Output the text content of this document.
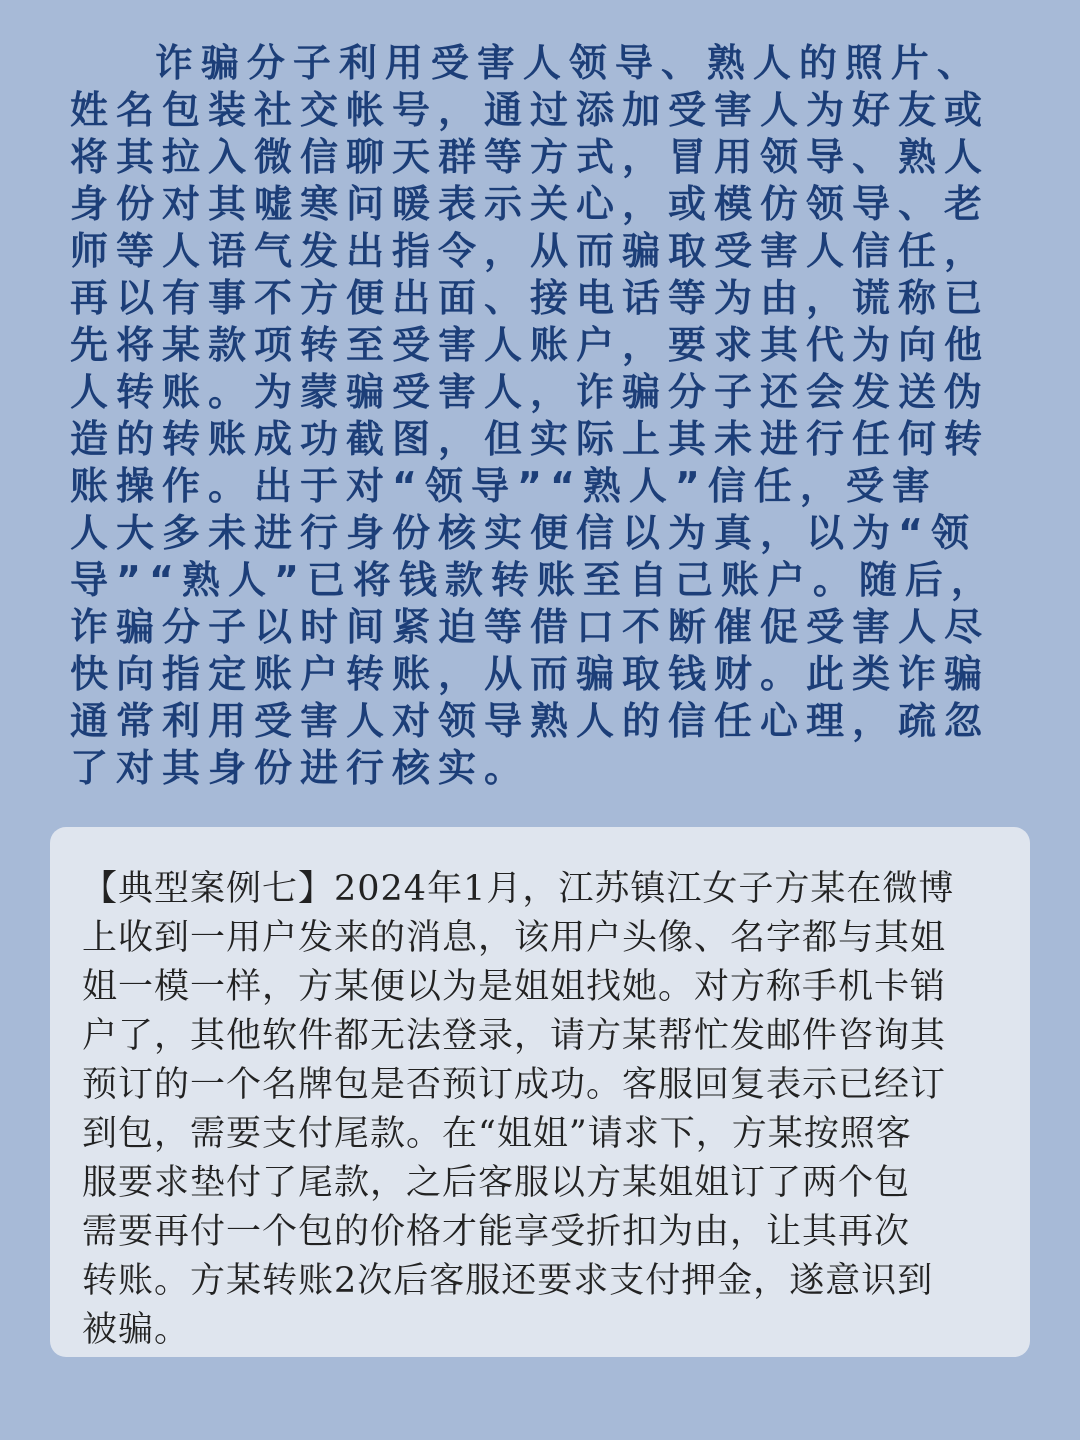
诈骗分子利用受害人领导、熟人的照片、
姓名包装社交帐号，通过添加受害人为好友或
将其拉入微信聊天群等方式，冒用领导、熟人
身份对其嘘寒问暖表示关心，或模仿领导、老
师等人语气发出指令，从而骗取受害人信任，
再以有事不方便出面、接电话等为由，谎称已
先将某款项转至受害人账户，要求其代为向他
人转账。为蒙骗受害人，诈骗分子还会发送伪
造的转账成功截图，但实际上其未进行任何转
账操作。出于对“领导”“熟人”信任，受害
人大多未进行身份核实便信以为真，以为“领
导”“熟人”已将钱款转账至自己账户。随后，
诈骗分子以时间紧迫等借口不断催促受害人尽
快向指定账户转账，从而骗取钱财。此类诈骗
通常利用受害人对领导熟人的信任心理，疏忽
了对其身份进行核实。
【典型案例七】2024年1月，江苏镇江女子方某在微博
上收到一用户发来的消息，该用户头像、名字都与其姐
姐一模一样，方某便以为是姐姐找她。对方称手机卡销
户了，其他软件都无法登录，请方某帮忙发邮件咨询其
预订的一个名牌包是否预订成功。客服回复表示已经订
到包，需要支付尾款。在“姐姐”请求下，方某按照客
服要求垫付了尾款，之后客服以方某姐姐订了两个包
需要再付一个包的价格才能享受折扣为由，让其再次
转账。方某转账2次后客服还要求支付押金，遂意识到
被骗。
